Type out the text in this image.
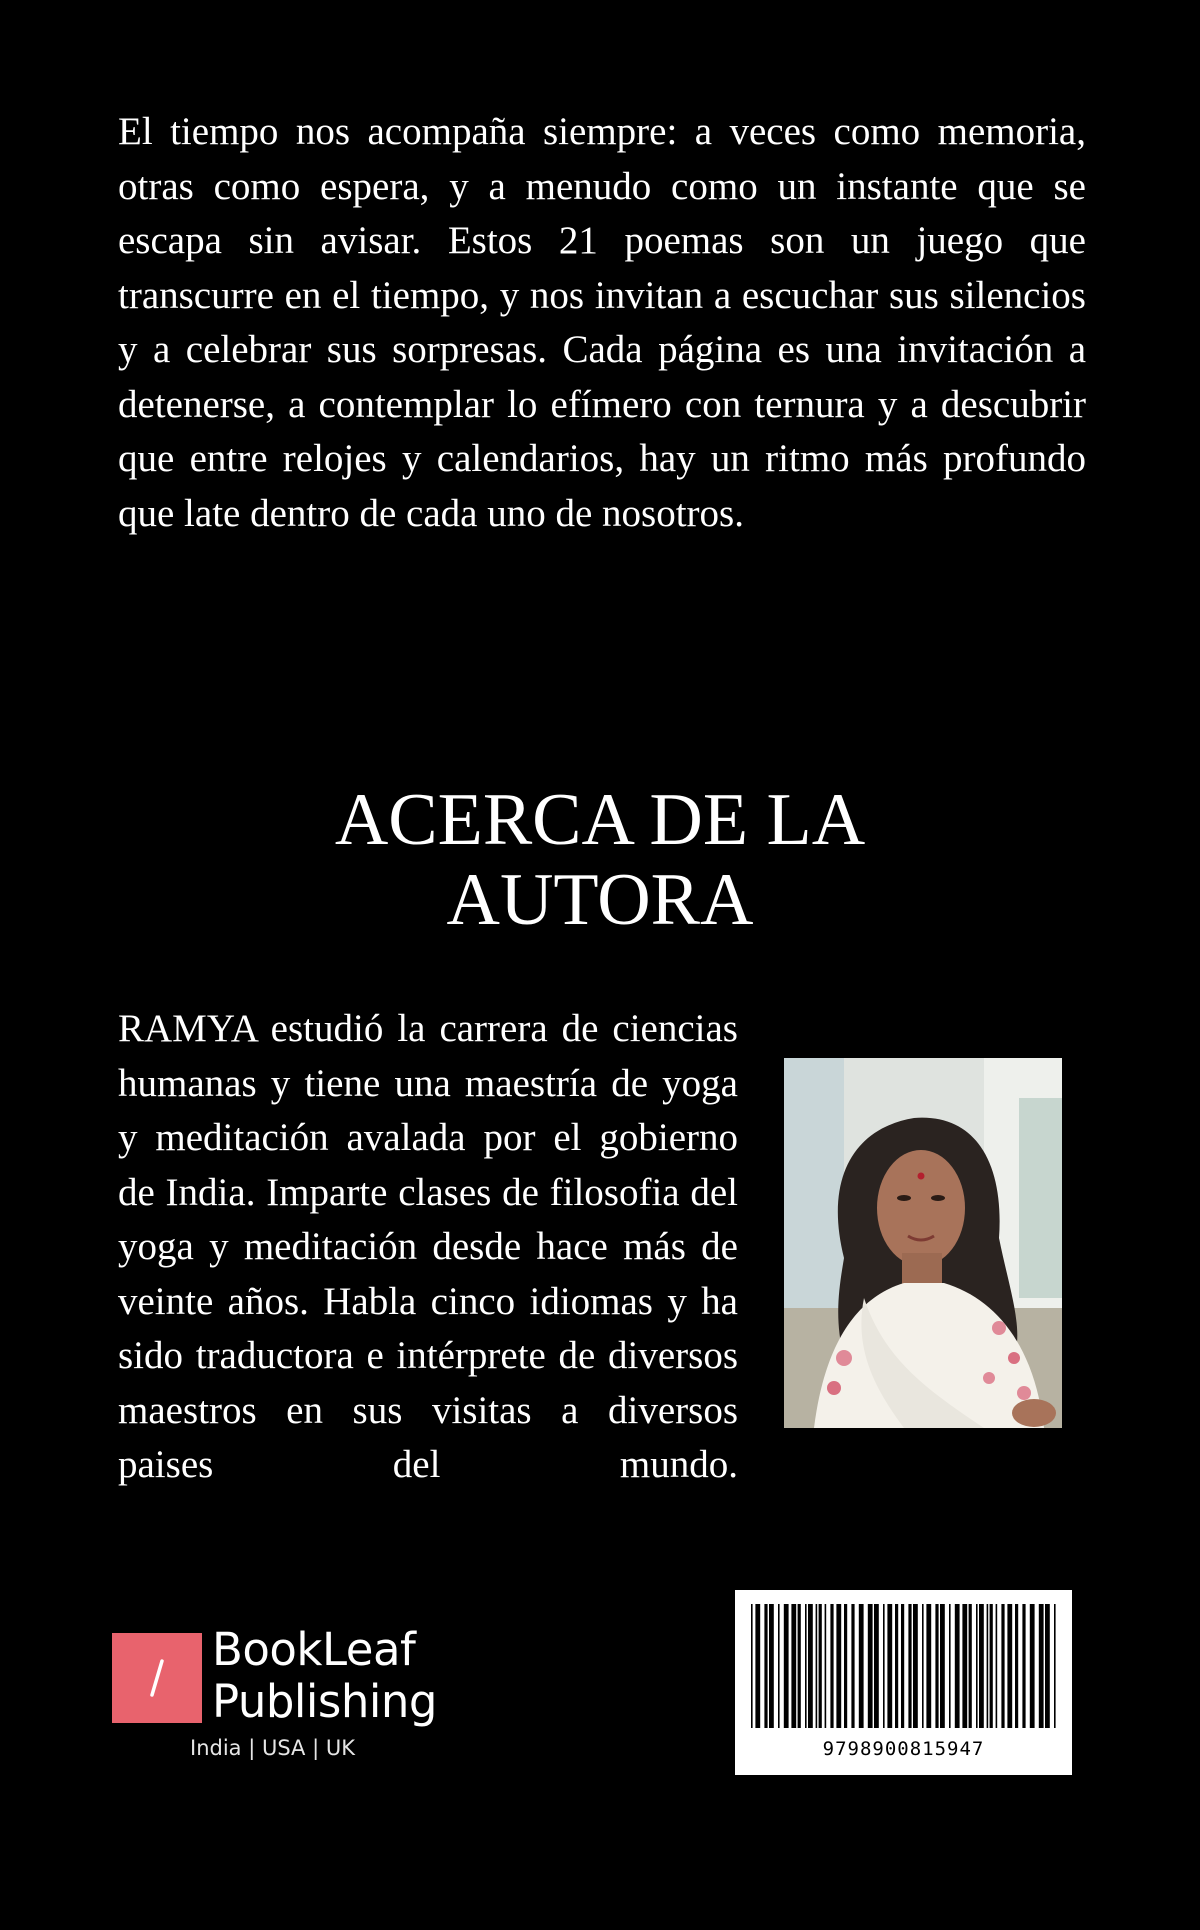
El tiempo nos acompaña siempre: a veces como memoria, otras como espera, y a menudo como un instante que se escapa sin avisar. Estos 21 poemas son un juego que transcurre en el tiempo, y nos invitan a escuchar sus silencios y a celebrar sus sorpresas. Cada página es una invitación a detenerse, a contemplar lo efímero con ternura y a descubrir que entre relojes y calendarios, hay un ritmo más profundo que late dentro de cada uno de nosotros.

ACERCA DE LA
AUTORA

RAMYA estudió la carrera de ciencias humanas y tiene una maestría de yoga y meditación avalada por el gobierno de India. Imparte clases de filosofia del yoga y meditación desde hace más de veinte años. Habla cinco idiomas y ha sido traductora e intérprete de diversos maestros en sus visitas a diversos paises del mundo.

BookLeaf
Publishing
India | USA | UK	9798900815947
